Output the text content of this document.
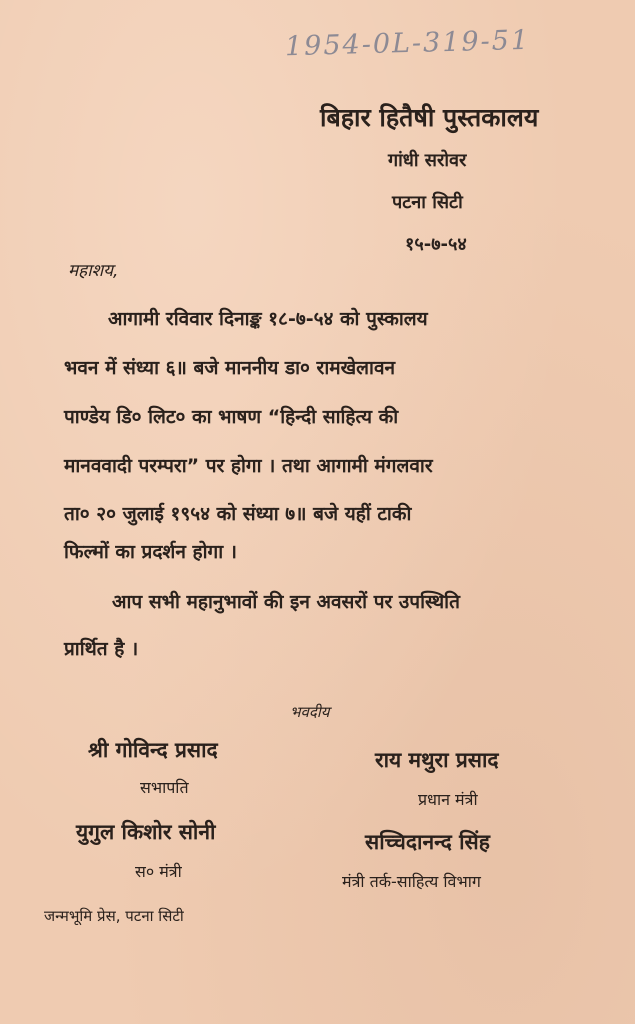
1954-0L-319-51
बिहार हितैषी पुस्तकालय
गांधी सरोवर
पटना सिटी
१५-७-५४
महाशय,
आगामी रविवार दिनाङ्क १८-७-५४ को पुस्कालय
भवन में संध्या ६॥ बजे माननीय डा० रामखेलावन
पाण्डेय डि० लिट० का भाषण “हिन्दी साहित्य की
मानववादी परम्परा” पर होगा । तथा आगामी मंगलवार
ता० २० जुलाई १९५४ को संध्या ७॥ बजे यहीं टाकी
फिल्मों का प्रदर्शन होगा ।
आप सभी महानुभावों की इन अवसरों पर उपस्थिति
प्रार्थित है ।
भवदीय
श्री गोविन्द प्रसाद
सभापति
युगुल किशोर सोनी
स० मंत्री
राय मथुरा प्रसाद
प्रधान मंत्री
सच्चिदानन्द सिंह
मंत्री तर्क-साहित्य विभाग
जन्मभूमि प्रेस, पटना सिटी
